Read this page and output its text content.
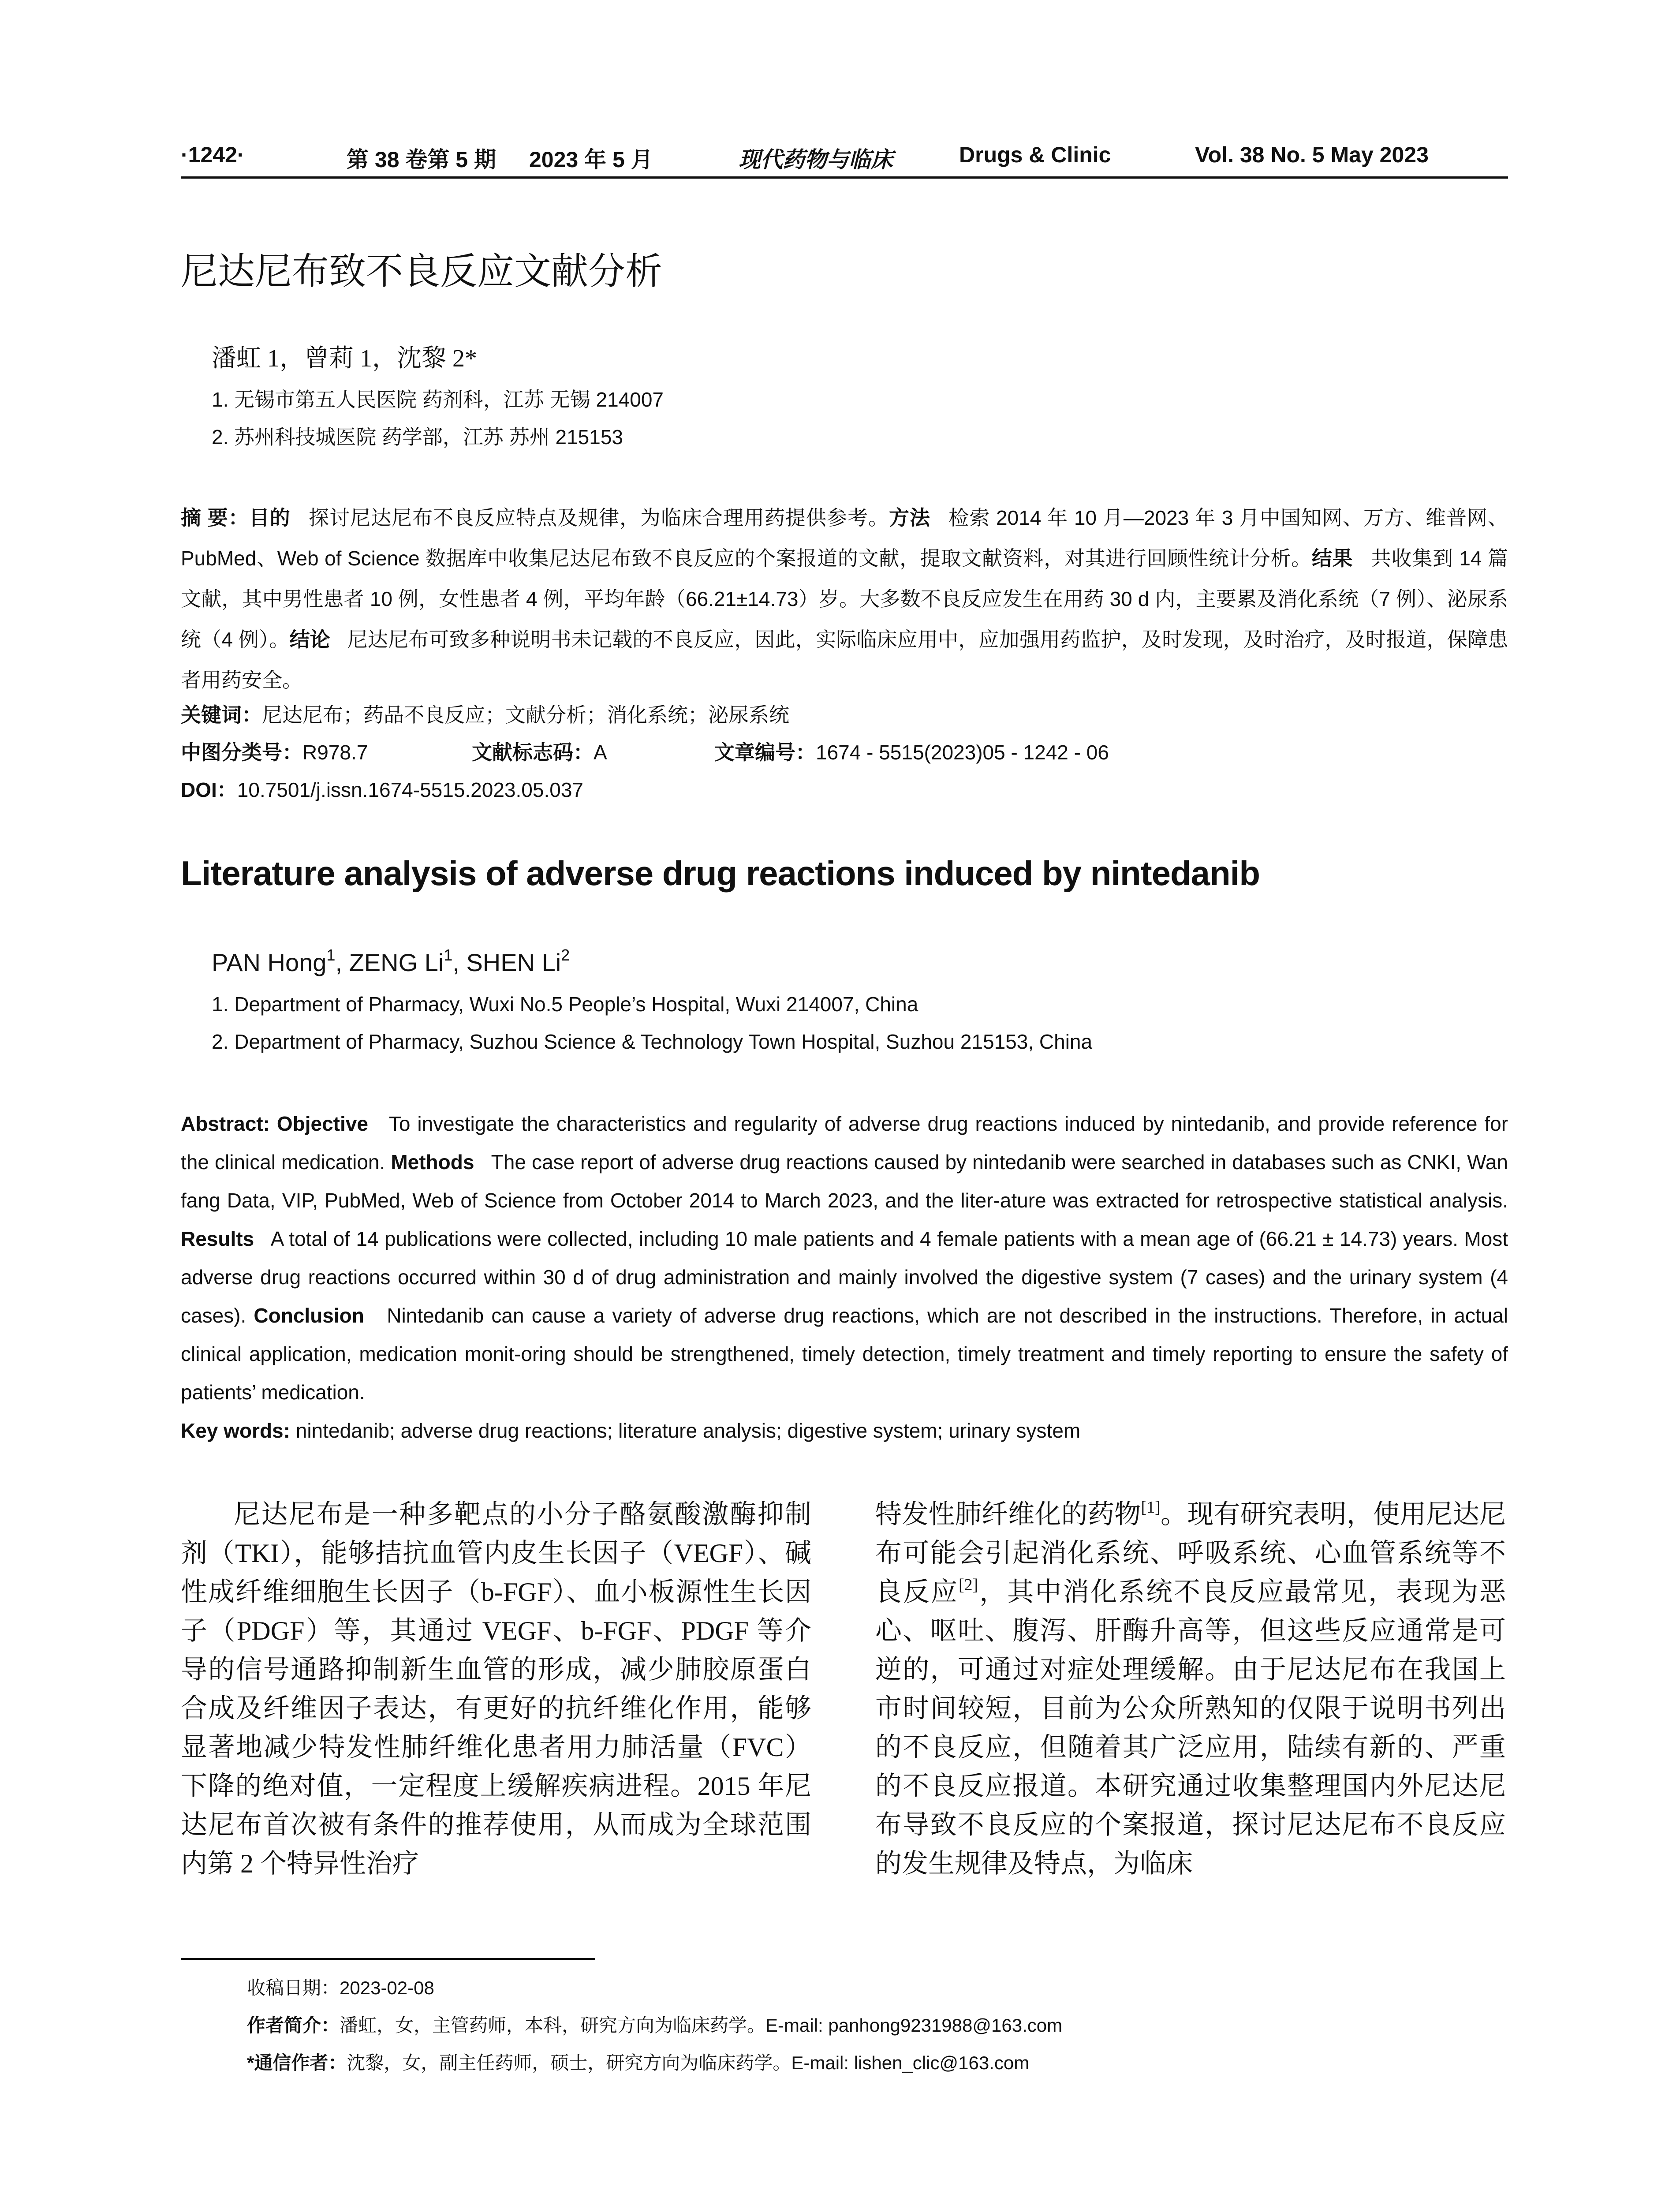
·1242·	第 38 卷第 5 期 2023 年 5 月	现代药物与临床	Drugs & Clinic	Vol. 38 No. 5 May 2023
尼达尼布致不良反应文献分析
潘虹 1，曾莉 1，沈黎 2*
1. 无锡市第五人民医院 药剂科，江苏 无锡 214007
2. 苏州科技城医院 药学部，江苏 苏州 215153
摘 要：目的 探讨尼达尼布不良反应特点及规律，为临床合理用药提供参考。方法 检索 2014 年 10 月—2023 年 3 月中国知网、万方、维普网、PubMed、Web of Science 数据库中收集尼达尼布致不良反应的个案报道的文献，提取文献资料，对其进行回顾性统计分析。结果 共收集到 14 篇文献，其中男性患者 10 例，女性患者 4 例，平均年龄（66.21±14.73）岁。大多数不良反应发生在用药 30 d 内，主要累及消化系统（7 例）、泌尿系统（4 例）。结论 尼达尼布可致多种说明书未记载的不良反应，因此，实际临床应用中，应加强用药监护，及时发现，及时治疗，及时报道，保障患者用药安全。
关键词：尼达尼布；药品不良反应；文献分析；消化系统；泌尿系统
中图分类号：R978.7	文献标志码：A	文章编号：1674 - 5515(2023)05 - 1242 - 06
DOI：10.7501/j.issn.1674-5515.2023.05.037
Literature analysis of adverse drug reactions induced by nintedanib
PAN Hong$^1$, ZENG Li$^1$, SHEN Li$^2$
1. Department of Pharmacy, Wuxi No.5 People’s Hospital, Wuxi 214007, China
2. Department of Pharmacy, Suzhou Science & Technology Town Hospital, Suzhou 215153, China
Abstract: Objective To investigate the characteristics and regularity of adverse drug reactions induced by nintedanib, and provide reference for the clinical medication. Methods The case report of adverse drug reactions caused by nintedanib were searched in databases such as CNKI, Wan fang Data, VIP, PubMed, Web of Science from October 2014 to March 2023, and the liter-ature was extracted for retrospective statistical analysis. Results A total of 14 publications were collected, including 10 male patients and 4 female patients with a mean age of (66.21 ± 14.73) years. Most adverse drug reactions occurred within 30 d of drug administration and mainly involved the digestive system (7 cases) and the urinary system (4 cases). Conclusion Nintedanib can cause a variety of adverse drug reactions, which are not described in the instructions. Therefore, in actual clinical application, medication monit-oring should be strengthened, timely detection, timely treatment and timely reporting to ensure the safety of patients’ medication.
Key words: nintedanib; adverse drug reactions; literature analysis; digestive system; urinary system
尼达尼布是一种多靶点的小分子酪氨酸激酶抑制剂（TKI），能够拮抗血管内皮生长因子（VEGF）、碱性成纤维细胞生长因子（b-FGF）、血小板源性生长因子（PDGF）等，其通过 VEGF、b-FGF、PDGF 等介导的信号通路抑制新生血管的形成，减少肺胶原蛋白合成及纤维因子表达，有更好的抗纤维化作用，能够显著地减少特发性肺纤维化患者用力肺活量（FVC）下降的绝对值，一定程度上缓解疾病进程。2015 年尼达尼布首次被有条件的推荐使用，从而成为全球范围内第 2 个特异性治疗
特发性肺纤维化的药物[1]。现有研究表明，使用尼达尼布可能会引起消化系统、呼吸系统、心血管系统等不良反应[2]，其中消化系统不良反应最常见，表现为恶心、呕吐、腹泻、肝酶升高等，但这些反应通常是可逆的，可通过对症处理缓解。由于尼达尼布在我国上市时间较短，目前为公众所熟知的仅限于说明书列出的不良反应，但随着其广泛应用，陆续有新的、严重的不良反应报道。本研究通过收集整理国内外尼达尼布导致不良反应的个案报道，探讨尼达尼布不良反应的发生规律及特点，为临床
收稿日期：2023-02-08
作者简介：潘虹，女，主管药师，本科，研究方向为临床药学。E-mail: panhong9231988@163.com
*通信作者：沈黎，女，副主任药师，硕士，研究方向为临床药学。E-mail: lishen_clic@163.com
